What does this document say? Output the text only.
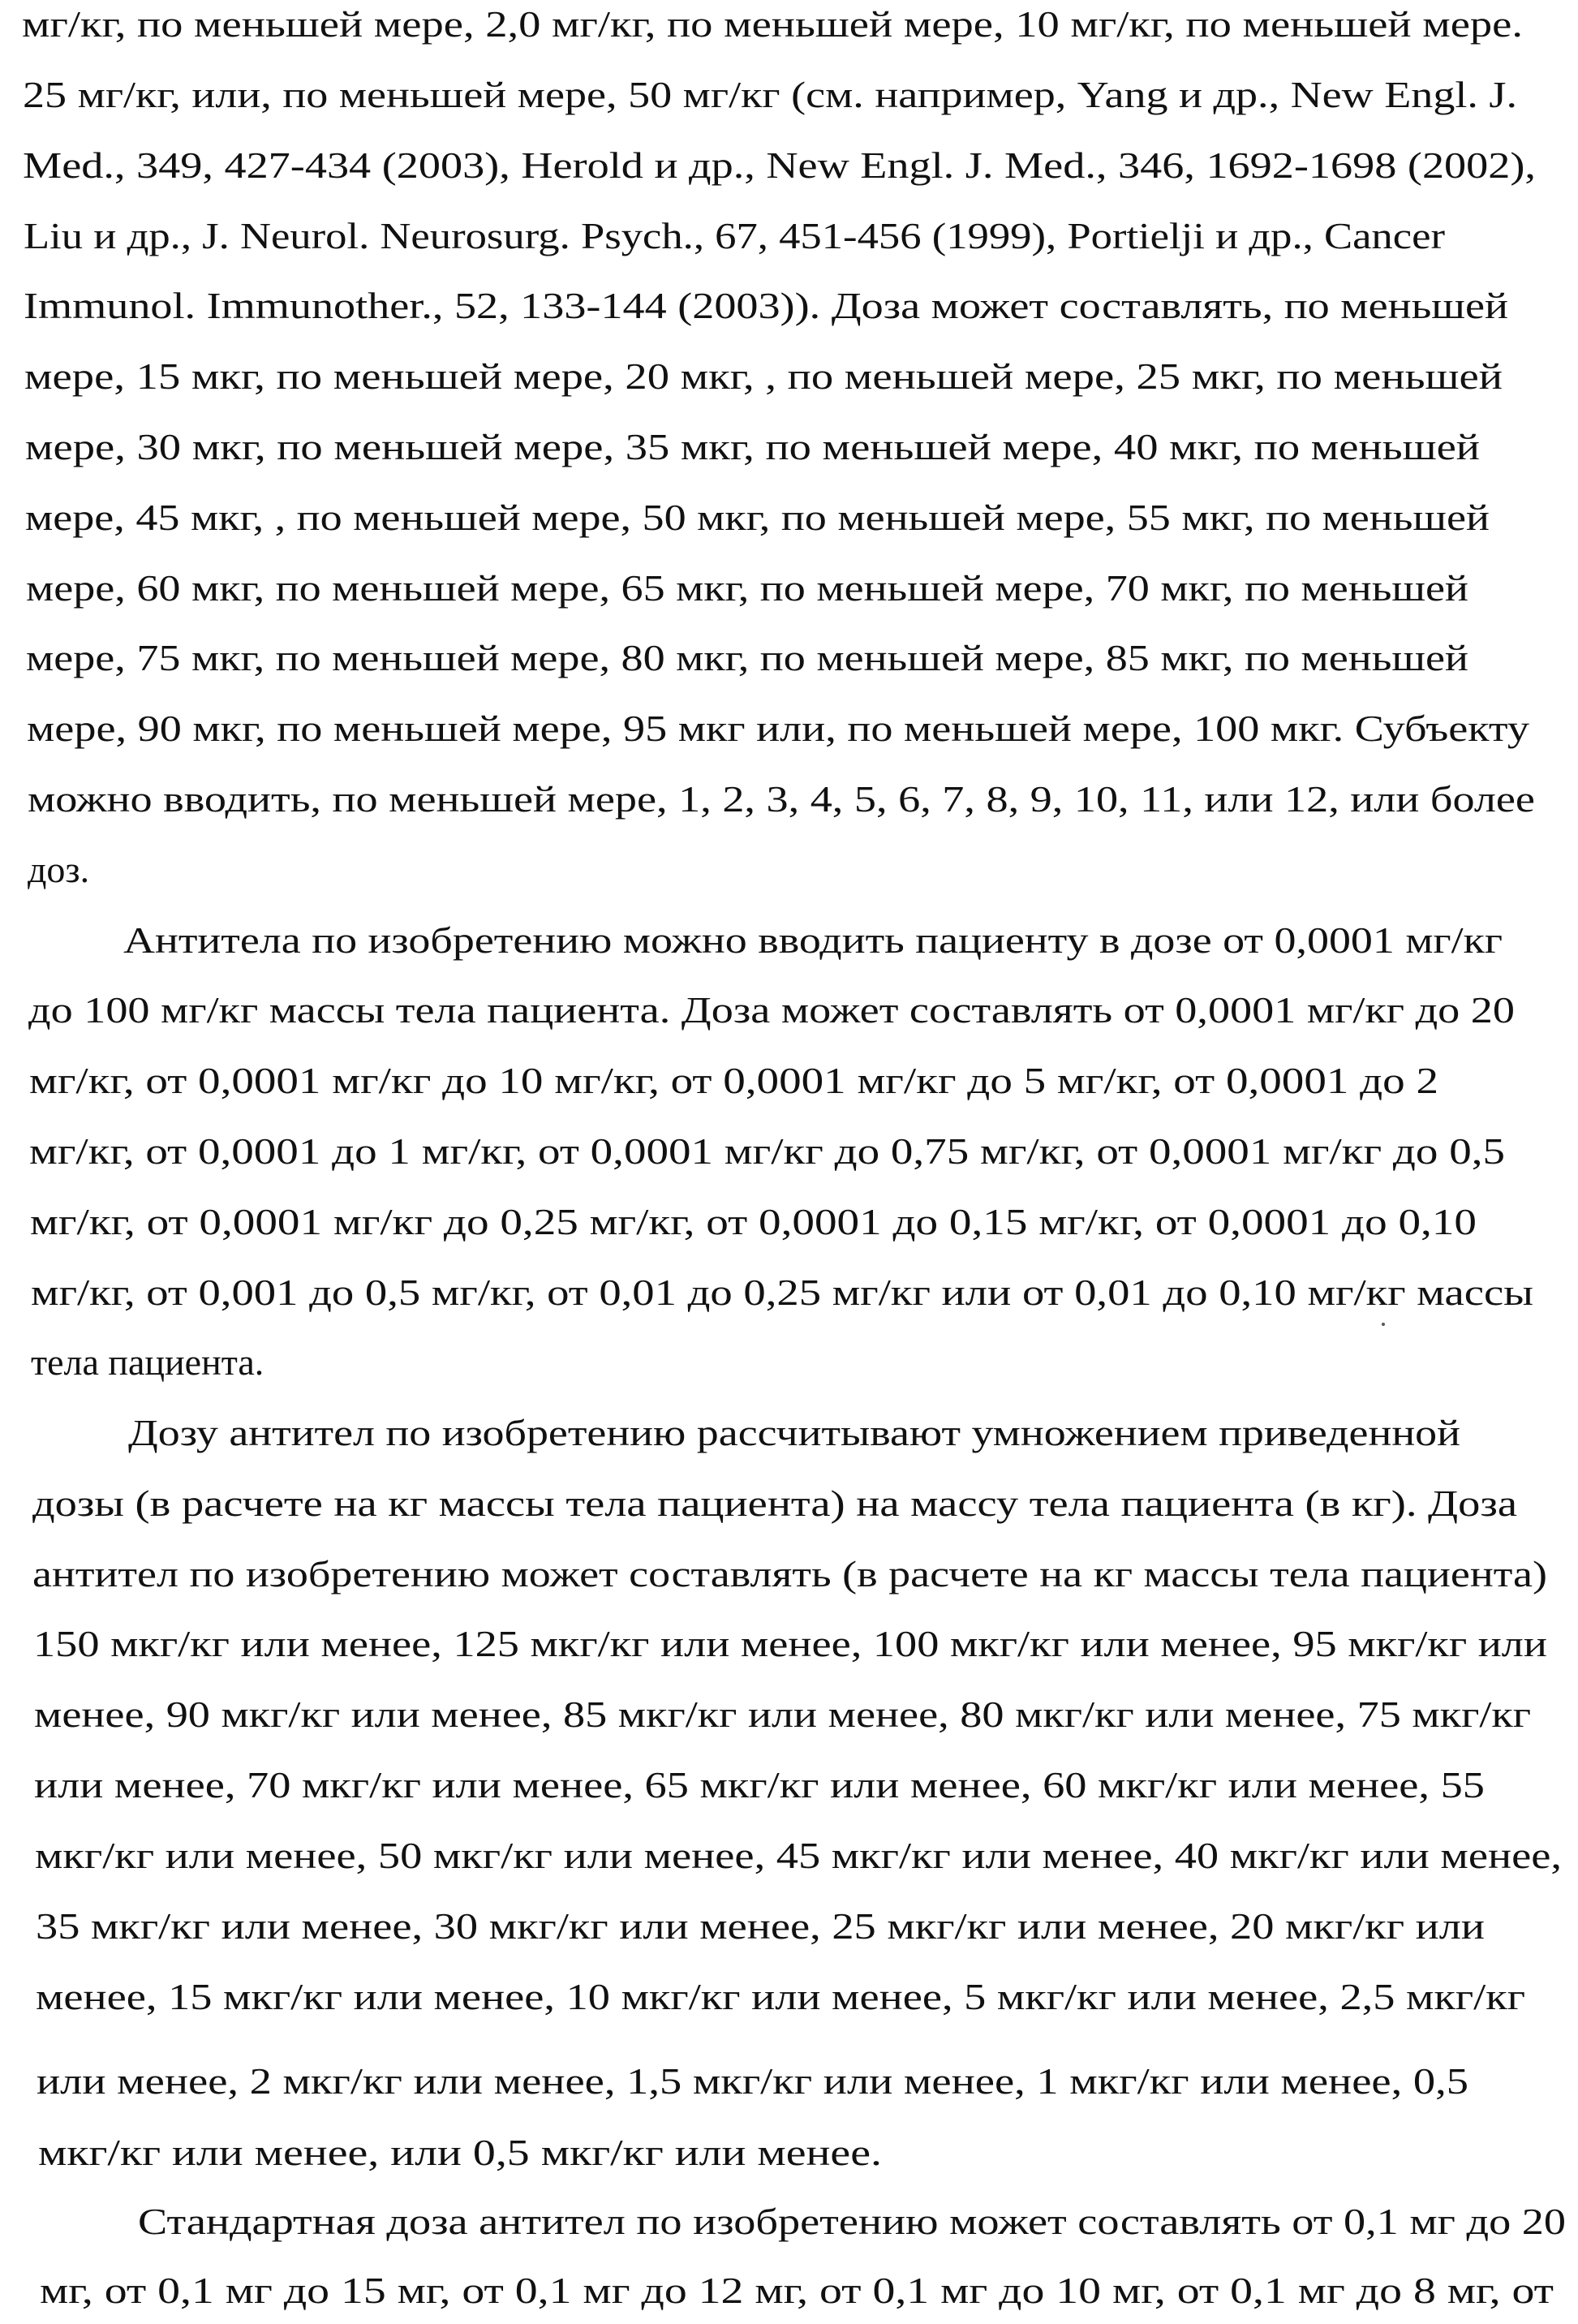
мг/кг, по меньшей мере, 2,0 мг/кг, по меньшей мере, 10 мг/кг, по меньшей мере.
25 мг/кг, или, по меньшей мере, 50 мг/кг (см. например, Yang и др., New Engl. J.
Med., 349, 427-434 (2003), Herold и др., New Engl. J. Med., 346, 1692-1698 (2002),
Liu и др., J. Neurol. Neurosurg. Psych., 67, 451-456 (1999), Portielji и др., Cancer
Immunol. Immunother., 52, 133-144 (2003)). Доза может составлять, по меньшей
мере, 15 мкг, по меньшей мере, 20 мкг, , по меньшей мере, 25 мкг, по меньшей
мере, 30 мкг, по меньшей мере, 35 мкг, по меньшей мере, 40 мкг, по меньшей
мере, 45 мкг, , по меньшей мере, 50 мкг, по меньшей мере, 55 мкг, по меньшей
мере, 60 мкг, по меньшей мере, 65 мкг, по меньшей мере, 70 мкг, по меньшей
мере, 75 мкг, по меньшей мере, 80 мкг, по меньшей мере, 85 мкг, по меньшей
мере, 90 мкг, по меньшей мере, 95 мкг или, по меньшей мере, 100 мкг. Субъекту
можно вводить, по меньшей мере, 1, 2, 3, 4, 5, 6, 7, 8, 9, 10, 11, или 12, или более
доз.
Антитела по изобретению можно вводить пациенту в дозе от 0,0001 мг/кг
до 100 мг/кг массы тела пациента. Доза может составлять от 0,0001 мг/кг до 20
мг/кг, от 0,0001 мг/кг до 10 мг/кг, от 0,0001 мг/кг до 5 мг/кг, от 0,0001 до 2
мг/кг, от 0,0001 до 1 мг/кг, от 0,0001 мг/кг до 0,75 мг/кг, от 0,0001 мг/кг до 0,5
мг/кг, от 0,0001 мг/кг до 0,25 мг/кг, от 0,0001 до 0,15 мг/кг, от 0,0001 до 0,10
мг/кг, от 0,001 до 0,5 мг/кг, от 0,01 до 0,25 мг/кг или от 0,01 до 0,10 мг/кг массы
тела пациента.
Дозу антител по изобретению рассчитывают умножением приведенной
дозы (в расчете на кг массы тела пациента) на массу тела пациента (в кг). Доза
антител по изобретению может составлять (в расчете на кг массы тела пациента)
150 мкг/кг или менее, 125 мкг/кг или менее, 100 мкг/кг или менее, 95 мкг/кг или
менее, 90 мкг/кг или менее, 85 мкг/кг или менее, 80 мкг/кг или менее, 75 мкг/кг
или менее, 70 мкг/кг или менее, 65 мкг/кг или менее, 60 мкг/кг или менее, 55
мкг/кг или менее, 50 мкг/кг или менее, 45 мкг/кг или менее, 40 мкг/кг или менее,
35 мкг/кг или менее, 30 мкг/кг или менее, 25 мкг/кг или менее, 20 мкг/кг или
менее, 15 мкг/кг или менее, 10 мкг/кг или менее, 5 мкг/кг или менее, 2,5 мкг/кг
или менее, 2 мкг/кг или менее, 1,5 мкг/кг или менее, 1 мкг/кг или менее, 0,5
мкг/кг или менее, или 0,5 мкг/кг или менее.
Стандартная доза антител по изобретению может составлять от 0,1 мг до 20
мг, от 0,1 мг до 15 мг, от 0,1 мг до 12 мг, от 0,1 мг до 10 мг, от 0,1 мг до 8 мг, от
